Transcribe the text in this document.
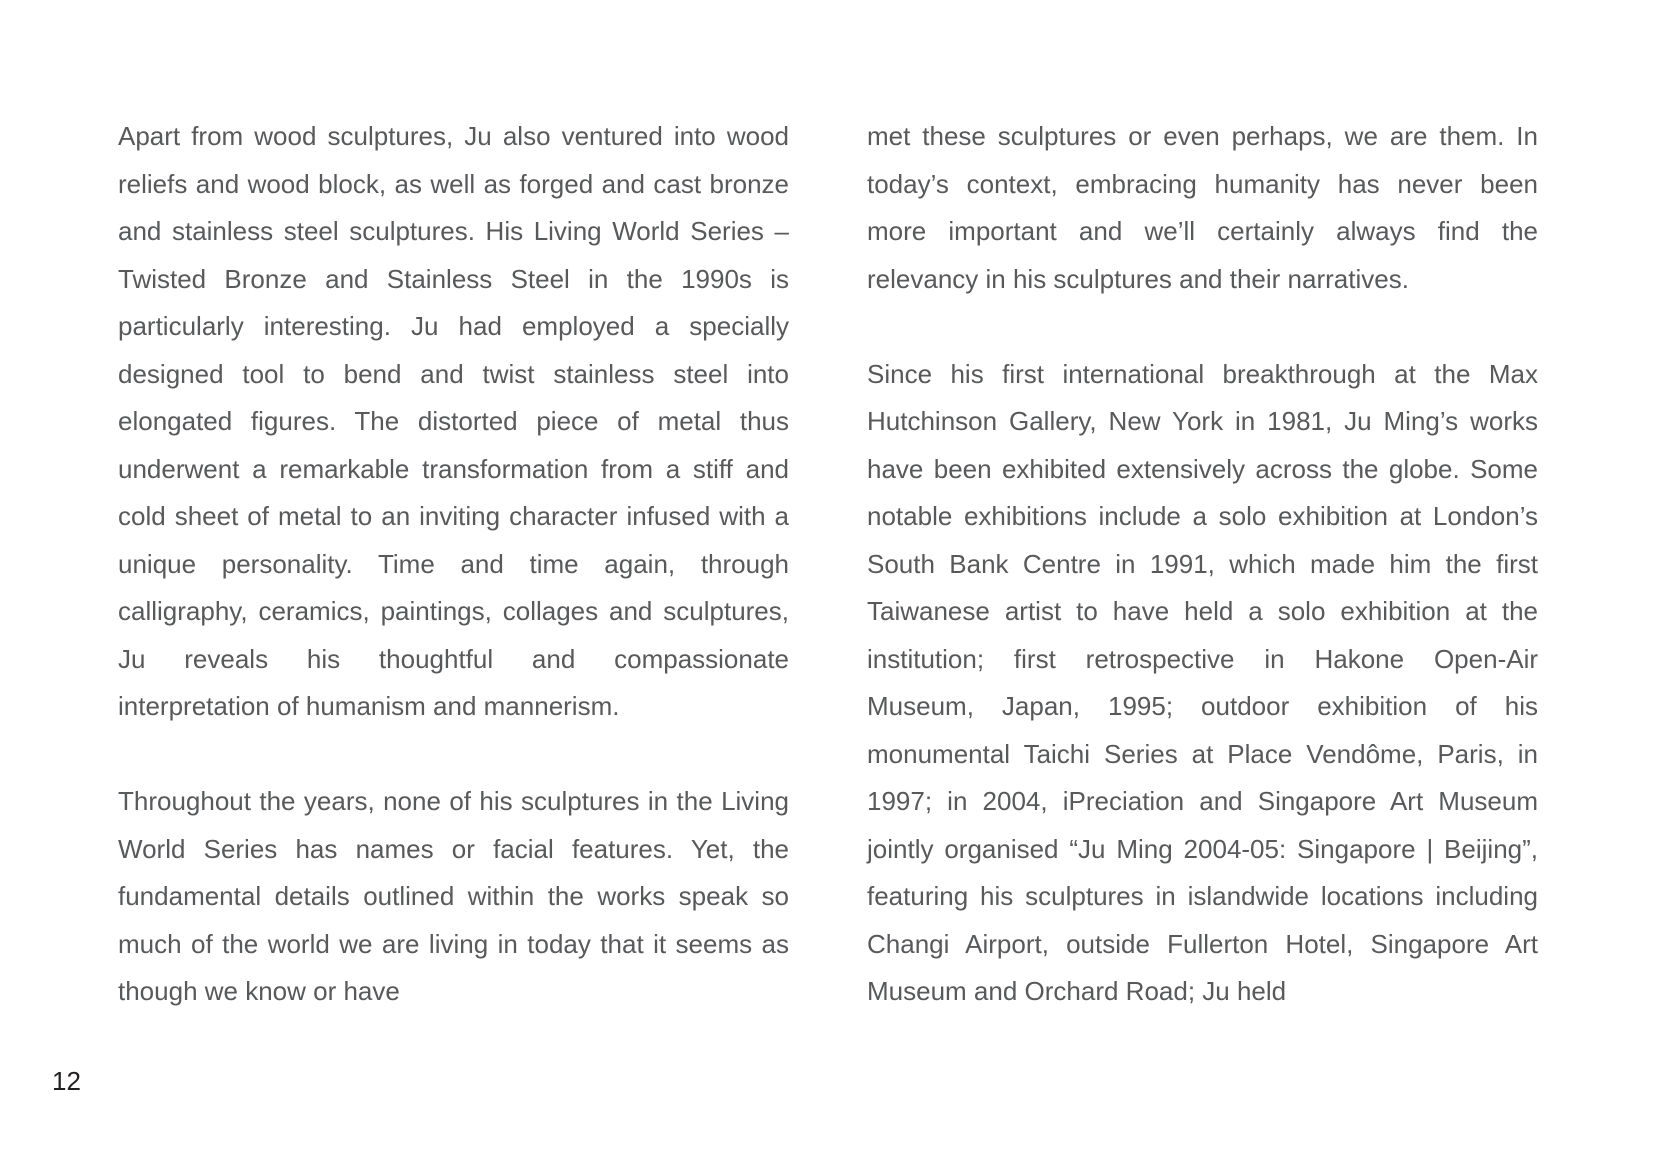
Apart from wood sculptures, Ju also ventured into wood reliefs and wood block, as well as forged and cast bronze and stainless steel sculptures. His Living World Series – Twisted Bronze and Stainless Steel in the 1990s is particularly interesting. Ju had employed a specially designed tool to bend and twist stainless steel into elongated figures. The distorted piece of metal thus underwent a remarkable transformation from a stiff and cold sheet of metal to an inviting character infused with a unique personality. Time and time again, through calligraphy, ceramics, paintings, collages and sculptures, Ju reveals his thoughtful and compassionate interpretation of humanism and mannerism.

Throughout the years, none of his sculptures in the Living World Series has names or facial features. Yet, the fundamental details outlined within the works speak so much of the world we are living in today that it seems as though we know or have

met these sculptures or even perhaps, we are them. In today’s context, embracing humanity has never been more important and we’ll certainly always find the relevancy in his sculptures and their narratives.

Since his first international breakthrough at the Max Hutchinson Gallery, New York in 1981, Ju Ming’s works have been exhibited extensively across the globe. Some notable exhibitions include a solo exhibition at London’s South Bank Centre in 1991, which made him the first Taiwanese artist to have held a solo exhibition at the institution; first retrospective in Hakone Open-Air Museum, Japan, 1995; outdoor exhibition of his monumental Taichi Series at Place Vendôme, Paris, in 1997; in 2004, iPreciation and Singapore Art Museum jointly organised “Ju Ming 2004-05: Singapore | Beijing”, featuring his sculptures in islandwide locations including Changi Airport, outside Fullerton Hotel, Singapore Art Museum and Orchard Road; Ju held

12
